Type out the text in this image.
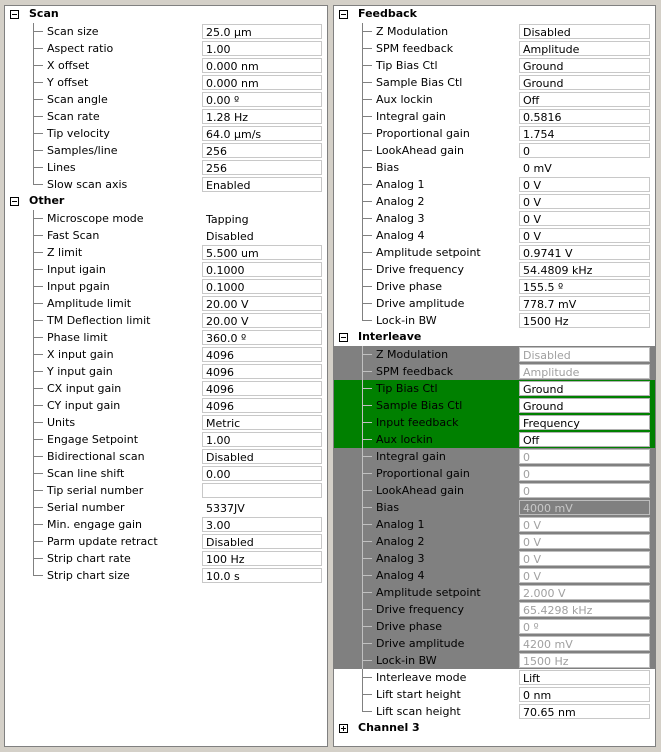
Scan
Scan size	25.0 µm
Aspect ratio	1.00
X offset	0.000 nm
Y offset	0.000 nm
Scan angle	0.00 º
Scan rate	1.28 Hz
Tip velocity	64.0 µm/s
Samples/line	256
Lines	256
Slow scan axis	Enabled
Other
Microscope mode	Tapping
Fast Scan	Disabled
Z limit	5.500 um
Input igain	0.1000
Input pgain	0.1000
Amplitude limit	20.00 V
TM Deflection limit	20.00 V
Phase limit	360.0 º
X input gain	4096
Y input gain	4096
CX input gain	4096
CY input gain	4096
Units	Metric
Engage Setpoint	1.00
Bidirectional scan	Disabled
Scan line shift	0.00
Tip serial number
Serial number	5337JV
Min. engage gain	3.00
Parm update retract	Disabled
Strip chart rate	100 Hz
Strip chart size	10.0 s
Feedback
Z Modulation	Disabled
SPM feedback	Amplitude
Tip Bias Ctl	Ground
Sample Bias Ctl	Ground
Aux lockin	Off
Integral gain	0.5816
Proportional gain	1.754
LookAhead gain	0
Bias	0 mV
Analog 1	0 V
Analog 2	0 V
Analog 3	0 V
Analog 4	0 V
Amplitude setpoint	0.9741 V
Drive frequency	54.4809 kHz
Drive phase	155.5 º
Drive amplitude	778.7 mV
Lock-in BW	1500 Hz
Interleave
Z Modulation	Disabled
SPM feedback	Amplitude
Tip Bias Ctl	Ground
Sample Bias Ctl	Ground
Input feedback	Frequency
Aux lockin	Off
Integral gain	0
Proportional gain	0
LookAhead gain	0
Bias	4000 mV
Analog 1	0 V
Analog 2	0 V
Analog 3	0 V
Analog 4	0 V
Amplitude setpoint	2.000 V
Drive frequency	65.4298 kHz
Drive phase	0 º
Drive amplitude	4200 mV
Lock-in BW	1500 Hz
Interleave mode	Lift
Lift start height	0 nm
Lift scan height	70.65 nm
Channel 3
